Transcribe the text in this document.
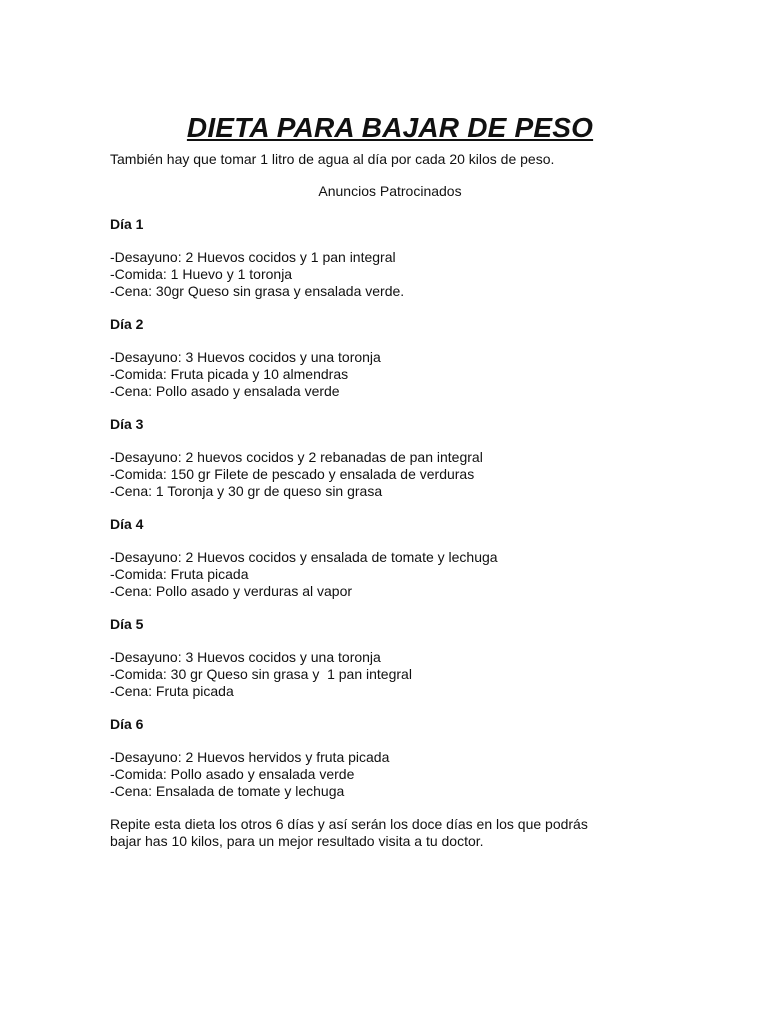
DIETA PARA BAJAR DE PESO

También hay que tomar 1 litro de agua al día por cada 20 kilos de peso.

Anuncios Patrocinados

Día 1

-Desayuno: 2 Huevos cocidos y 1 pan integral
-Comida: 1 Huevo y 1 toronja
-Cena: 30gr Queso sin grasa y ensalada verde.

Día 2

-Desayuno: 3 Huevos cocidos y una toronja
-Comida: Fruta picada y 10 almendras
-Cena: Pollo asado y ensalada verde

Día 3

-Desayuno: 2 huevos cocidos y 2 rebanadas de pan integral
-Comida: 150 gr Filete de pescado y ensalada de verduras
-Cena: 1 Toronja y 30 gr de queso sin grasa

Día 4

-Desayuno: 2 Huevos cocidos y ensalada de tomate y lechuga
-Comida: Fruta picada
-Cena: Pollo asado y verduras al vapor

Día 5

-Desayuno: 3 Huevos cocidos y una toronja
-Comida: 30 gr Queso sin grasa y  1 pan integral
-Cena: Fruta picada

Día 6

-Desayuno: 2 Huevos hervidos y fruta picada
-Comida: Pollo asado y ensalada verde
-Cena: Ensalada de tomate y lechuga

Repite esta dieta los otros 6 días y así serán los doce días en los que podrás
bajar has 10 kilos, para un mejor resultado visita a tu doctor.
